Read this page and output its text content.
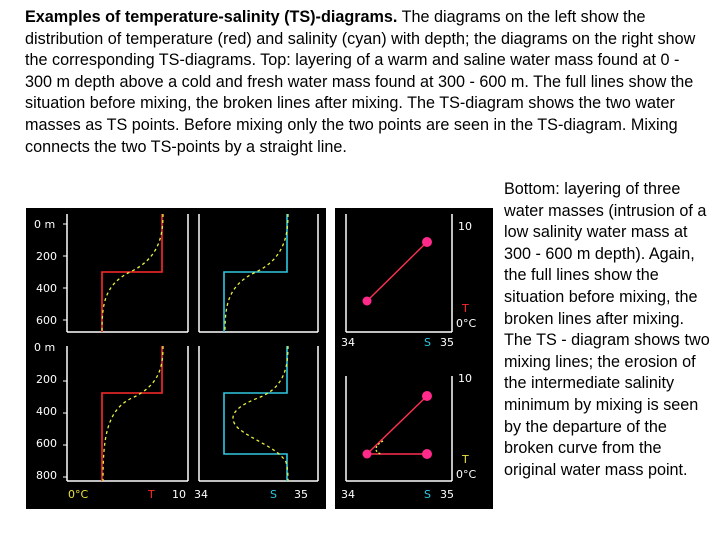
Examples of temperature-salinity (TS)-diagrams. The diagrams on the left show the distribution of temperature (red) and salinity (cyan) with depth; the diagrams on the right show the corresponding TS-diagrams. Top: layering of a warm and saline water mass found at 0 - 300 m depth above a cold and fresh water mass found at 300 - 600 m. The full lines show the situation before mixing, the broken lines after mixing. The TS-diagram shows the two water masses as TS points. Before mixing only the two points are seen in the TS-diagram. Mixing connects the two TS-points by a straight line.

Bottom: layering of three water masses (intrusion of a low salinity water mass at 300 - 600 m depth). Again, the full lines show the situation before mixing, the broken lines after mixing. The TS - diagram shows two mixing lines; the erosion of the intermediate salinity minimum by mixing is seen by the departure of the broken curve from the original water mass point.

0 m
200
400
600
0 m
200
400
600
800
0°C	T 10 34	S 35
10
T
0°C
34	S 35
10
T
0°C
34	S 35
